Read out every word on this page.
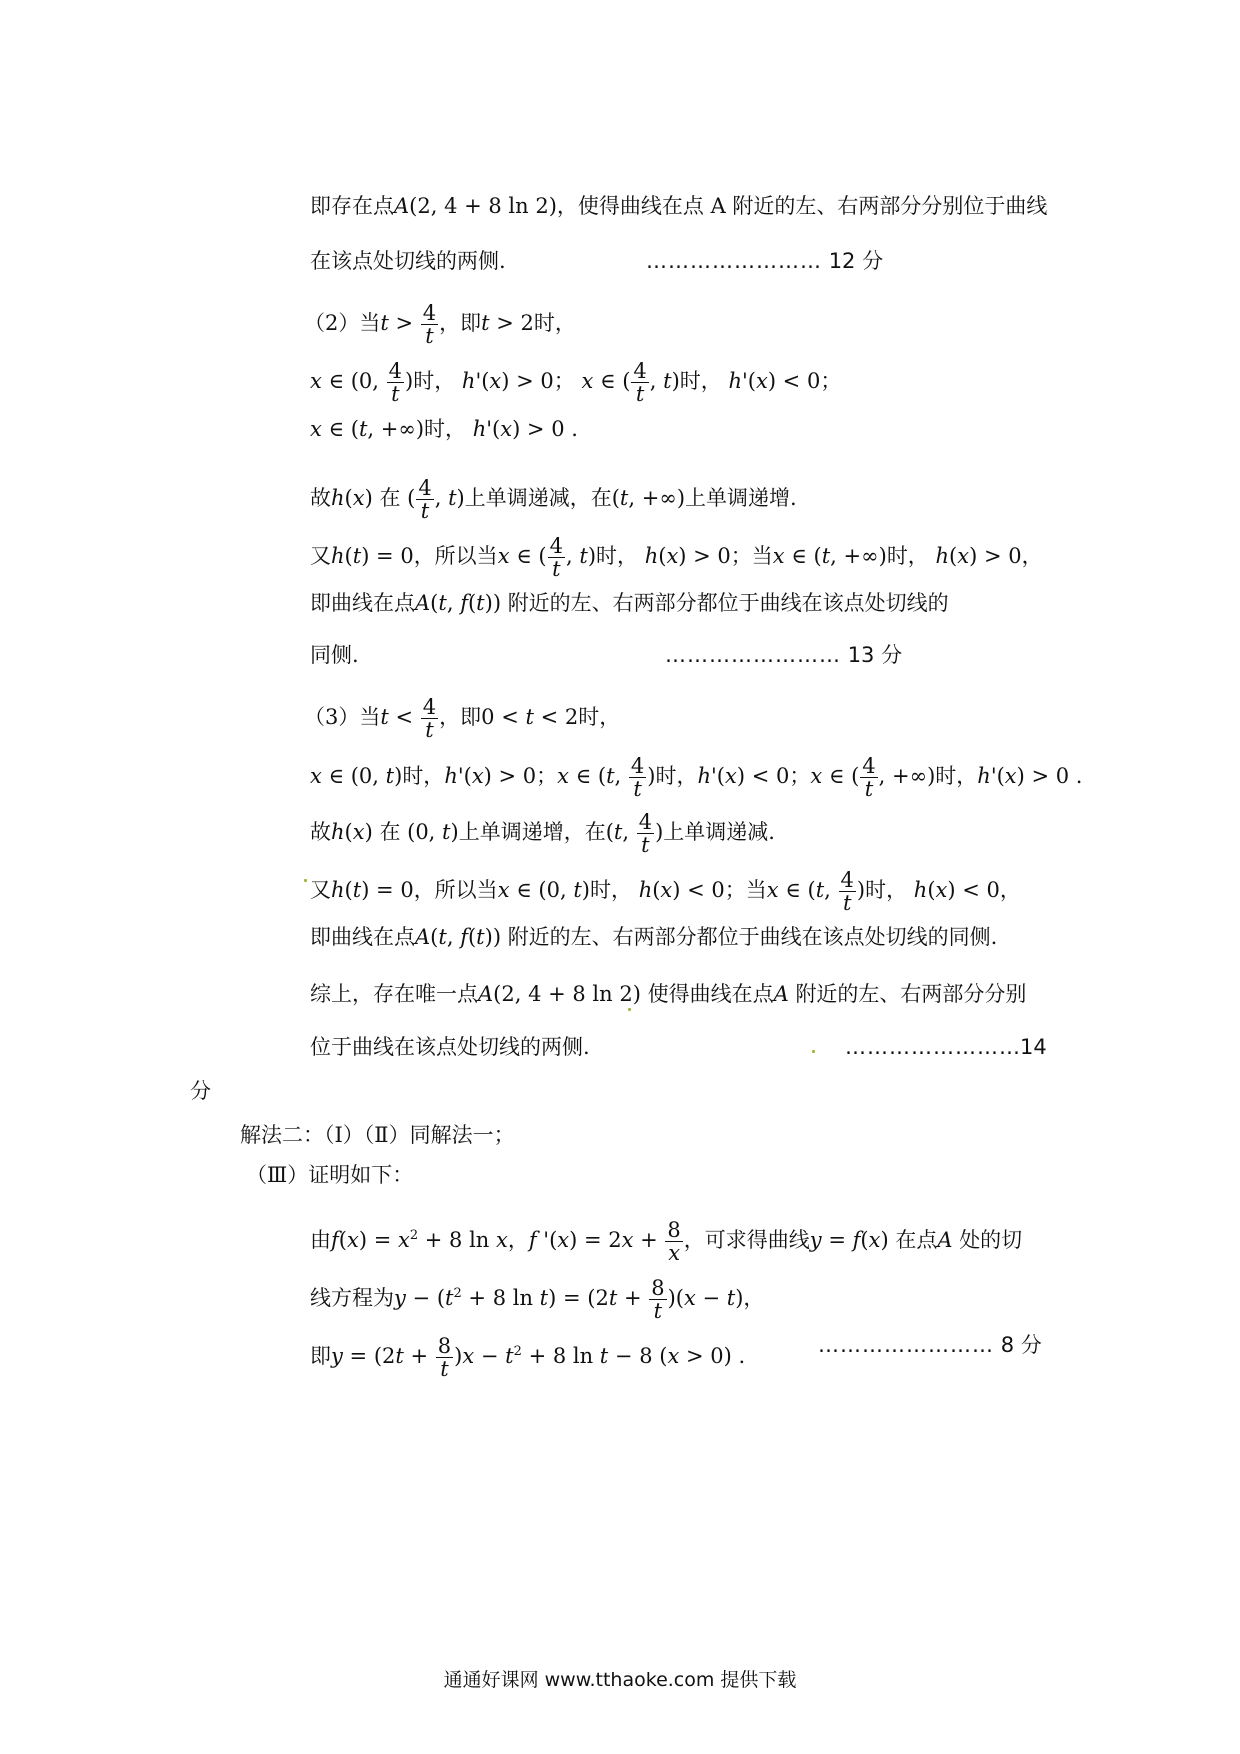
即存在点A(2, 4 + 8 ln 2)，使得曲线在点 A 附近的左、右两部分分别位于曲线
在该点处切线的两侧.	…………………… 12 分
（2）当$t > \frac{4}{t}$ ，即t > 2时，
x ∈ (0, $\frac{4}{t}$ )时， h'(x) > 0； x ∈ ( $\frac{4}{t}$ , t)时， h'(x) < 0；
x ∈ (t, +∞)时， h'(x) > 0 .
故h(x) 在 ( $\frac{4}{t}$ , t)上单调递减，在(t, +∞)上单调递增.
又h(t) = 0，所以当x ∈ ( $\frac{4}{t}$ , t)时， h(x) > 0；当x ∈ (t, +∞)时， h(x) > 0，
即曲线在点A(t, f(t)) 附近的左、右两部分都位于曲线在该点处切线的
同侧.	…………………… 13 分
（3）当$t < \frac{4}{t}$ ，即0 < t < 2时，
x ∈ (0, t)时，h'(x) > 0；x ∈ (t, $\frac{4}{t}$ )时，h'(x) < 0；x ∈ ( $\frac{4}{t}$ , +∞)时，h'(x) > 0 .
故h(x) 在 (0, t)上单调递增，在(t, $\frac{4}{t}$ )上单调递减.
又h(t) = 0，所以当x ∈ (0, t)时， h(x) < 0；当x ∈ (t, $\frac{4}{t}$ )时， h(x) < 0，
即曲线在点A(t, f(t)) 附近的左、右两部分都位于曲线在该点处切线的同侧.
综上，存在唯一点A(2, 4 + 8 ln 2) 使得曲线在点A 附近的左、右两部分分别
位于曲线在该点处切线的两侧.	…………………… 14
分
解法二：（Ⅰ）（Ⅱ）同解法一；
（Ⅲ）证明如下：
由$f(x) = x^2 + 8$ ln x，f '$(x) = 2x + \frac{8}{x}$ ，可求得曲线y = f(x) 在点A 处的切
线方程为$y - (t^2 + 8$ $\ln t) = (2t + \frac{8}{t} )(x - t)$，
即$y = (2t + \frac{8}{t} )x - t^2 + 8$ ln t − 8 (x > 0) .	…………………… 8 分
通通好课网 www.tthaoke.com 提供下载
